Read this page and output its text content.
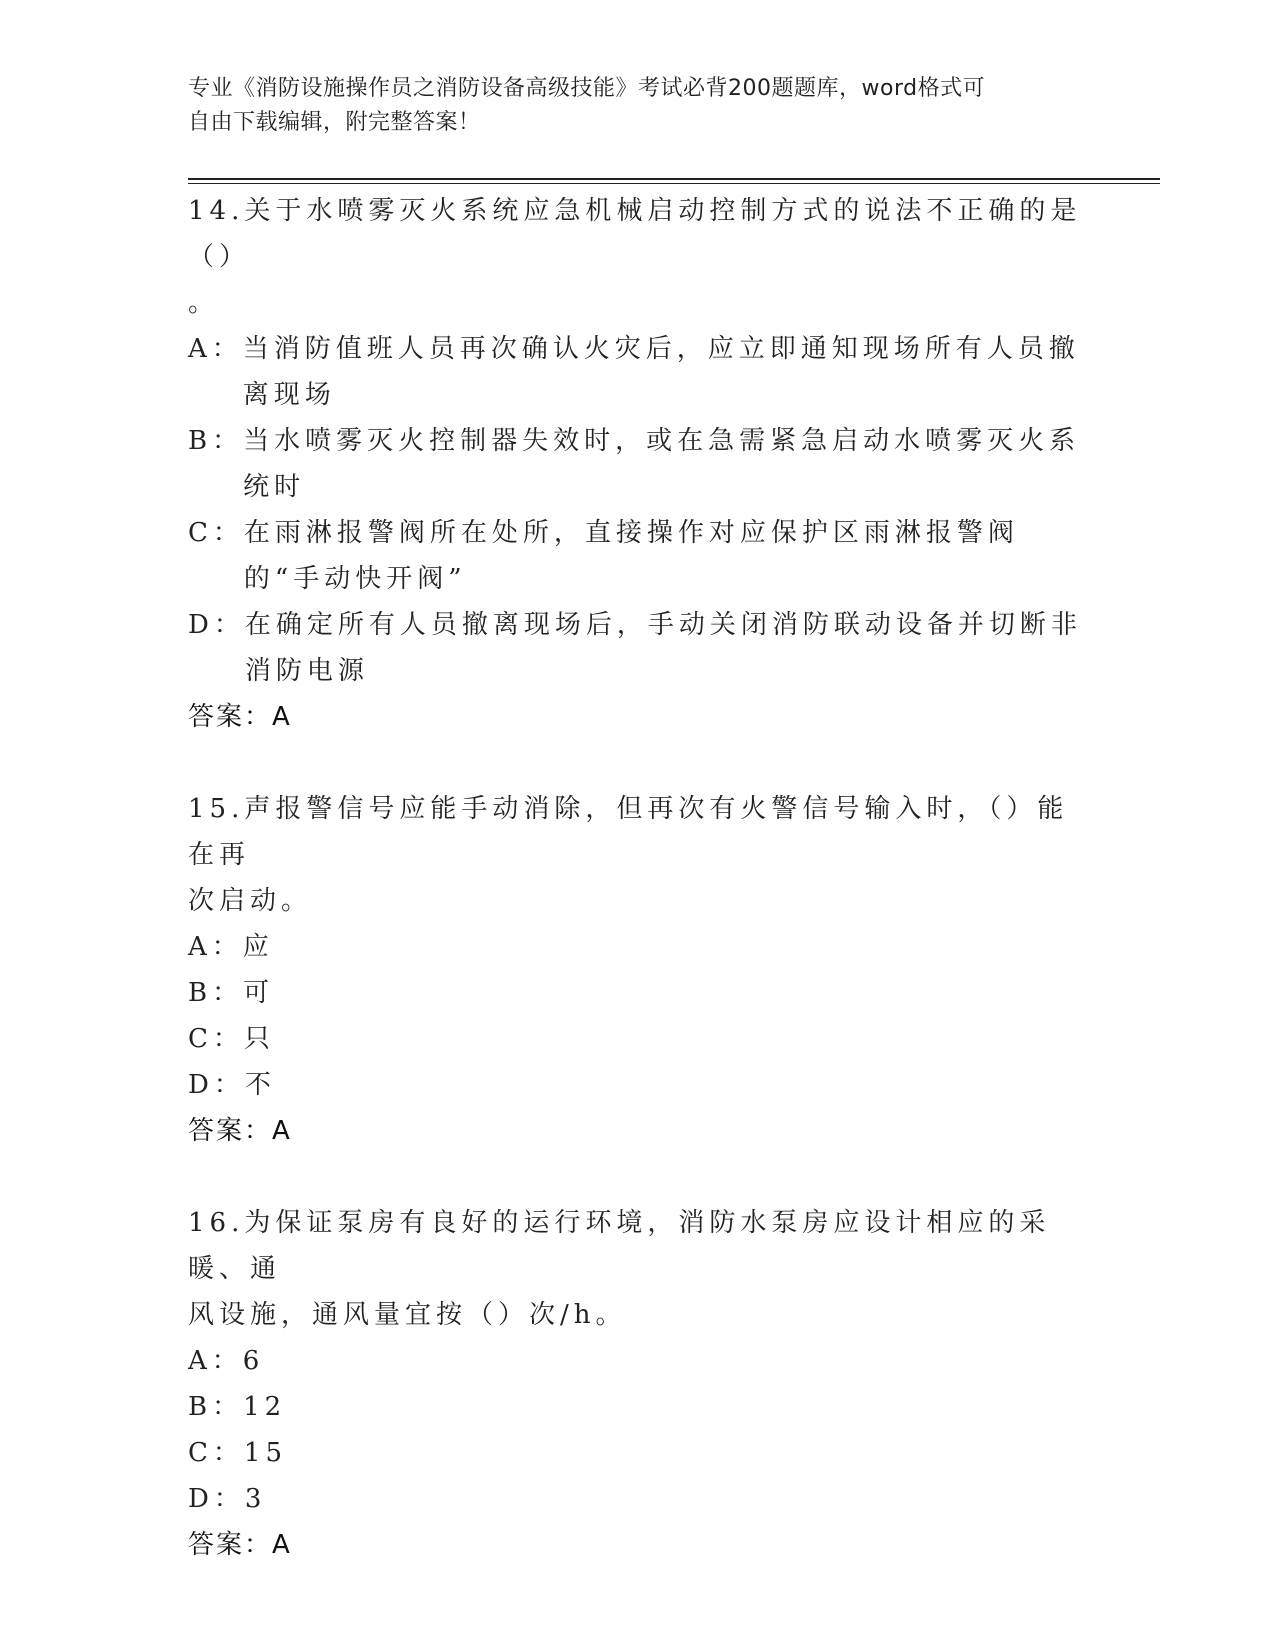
专业《消防设施操作员之消防设备高级技能》考试必背200题题库，word格式可
自由下载编辑，附完整答案！
14.关于水喷雾灭火系统应急机械启动控制方式的说法不正确的是（）
。
A： 当消防值班人员再次确认火灾后，应立即通知现场所有人员撤离现场
B： 当水喷雾灭火控制器失效时，或在急需紧急启动水喷雾灭火系统时
C： 在雨淋报警阀所在处所，直接操作对应保护区雨淋报警阀的“手动快开阀”
D： 在确定所有人员撤离现场后，手动关闭消防联动设备并切断非消防电源
答案：A
15.声报警信号应能手动消除，但再次有火警信号输入时，（）能在再
次启动。
A： 应
B： 可
C： 只
D： 不
答案：A
16.为保证泵房有良好的运行环境，消防水泵房应设计相应的采暖、通
风设施，通风量宜按（）次/h。
A： 6
B： 12
C： 15
D： 3
答案：A
